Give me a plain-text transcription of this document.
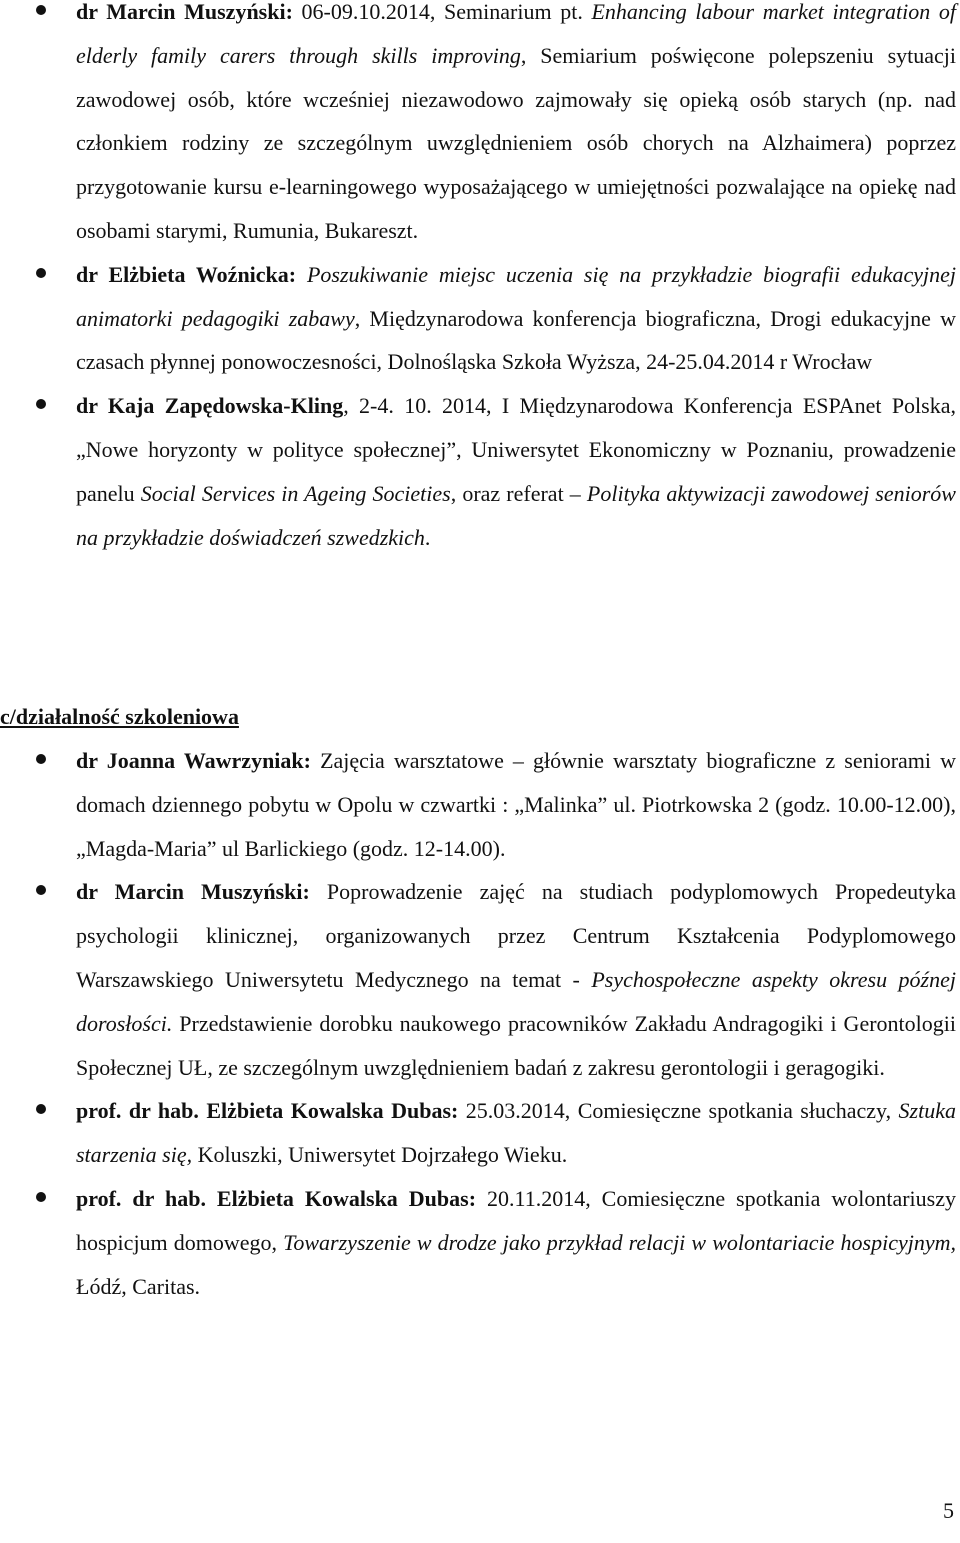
dr Marcin Muszyński: 06-09.10.2014, Seminarium pt. Enhancing labour market integration of elderly family carers through skills improving, Semiarium poświęcone polepszeniu sytuacji zawodowej osób, które wcześniej niezawodowo zajmowały się opieką osób starych (np. nad członkiem rodziny ze szczególnym uwzględnieniem osób chorych na Alzhaimera) poprzez przygotowanie kursu e-learningowego wyposażającego w umiejętności pozwalające na opiekę nad osobami starymi, Rumunia, Bukareszt.
dr Elżbieta Woźnicka: Poszukiwanie miejsc uczenia się na przykładzie biografii edukacyjnej animatorki pedagogiki zabawy, Międzynarodowa konferencja biograficzna, Drogi edukacyjne w czasach płynnej ponowoczesności, Dolnośląska Szkoła Wyższa, 24-25.04.2014 r Wrocław
dr Kaja Zapędowska-Kling, 2-4. 10. 2014, I Międzynarodowa Konferencja ESPAnet Polska, „Nowe horyzonty w polityce społecznej”, Uniwersytet Ekonomiczny w Poznaniu, prowadzenie panelu Social Services in Ageing Societies, oraz referat – Polityka aktywizacji zawodowej seniorów na przykładzie doświadczeń szwedzkich.
c/działalność szkoleniowa
dr Joanna Wawrzyniak: Zajęcia warsztatowe – głównie warsztaty biograficzne z seniorami w domach dziennego pobytu w Opolu w czwartki : „Malinka” ul. Piotrkowska 2 (godz. 10.00-12.00), „Magda-Maria” ul Barlickiego (godz. 12-14.00).
dr Marcin Muszyński: Poprowadzenie zajęć na studiach podyplomowych Propedeutyka psychologii klinicznej, organizowanych przez Centrum Kształcenia Podyplomowego Warszawskiego Uniwersytetu Medycznego na temat - Psychospołeczne aspekty okresu późnej dorosłości. Przedstawienie dorobku naukowego pracowników Zakładu Andragogiki i Gerontologii Społecznej UŁ, ze szczególnym uwzględnieniem badań z zakresu gerontologii i geragogiki.
prof. dr hab. Elżbieta Kowalska Dubas: 25.03.2014, Comiesięczne spotkania słuchaczy, Sztuka starzenia się, Koluszki, Uniwersytet Dojrzałego Wieku.
prof. dr hab. Elżbieta Kowalska Dubas: 20.11.2014, Comiesięczne spotkania wolontariuszy hospicjum domowego, Towarzyszenie w drodze jako przykład relacji w wolontariacie hospicyjnym, Łódź, Caritas.
5
